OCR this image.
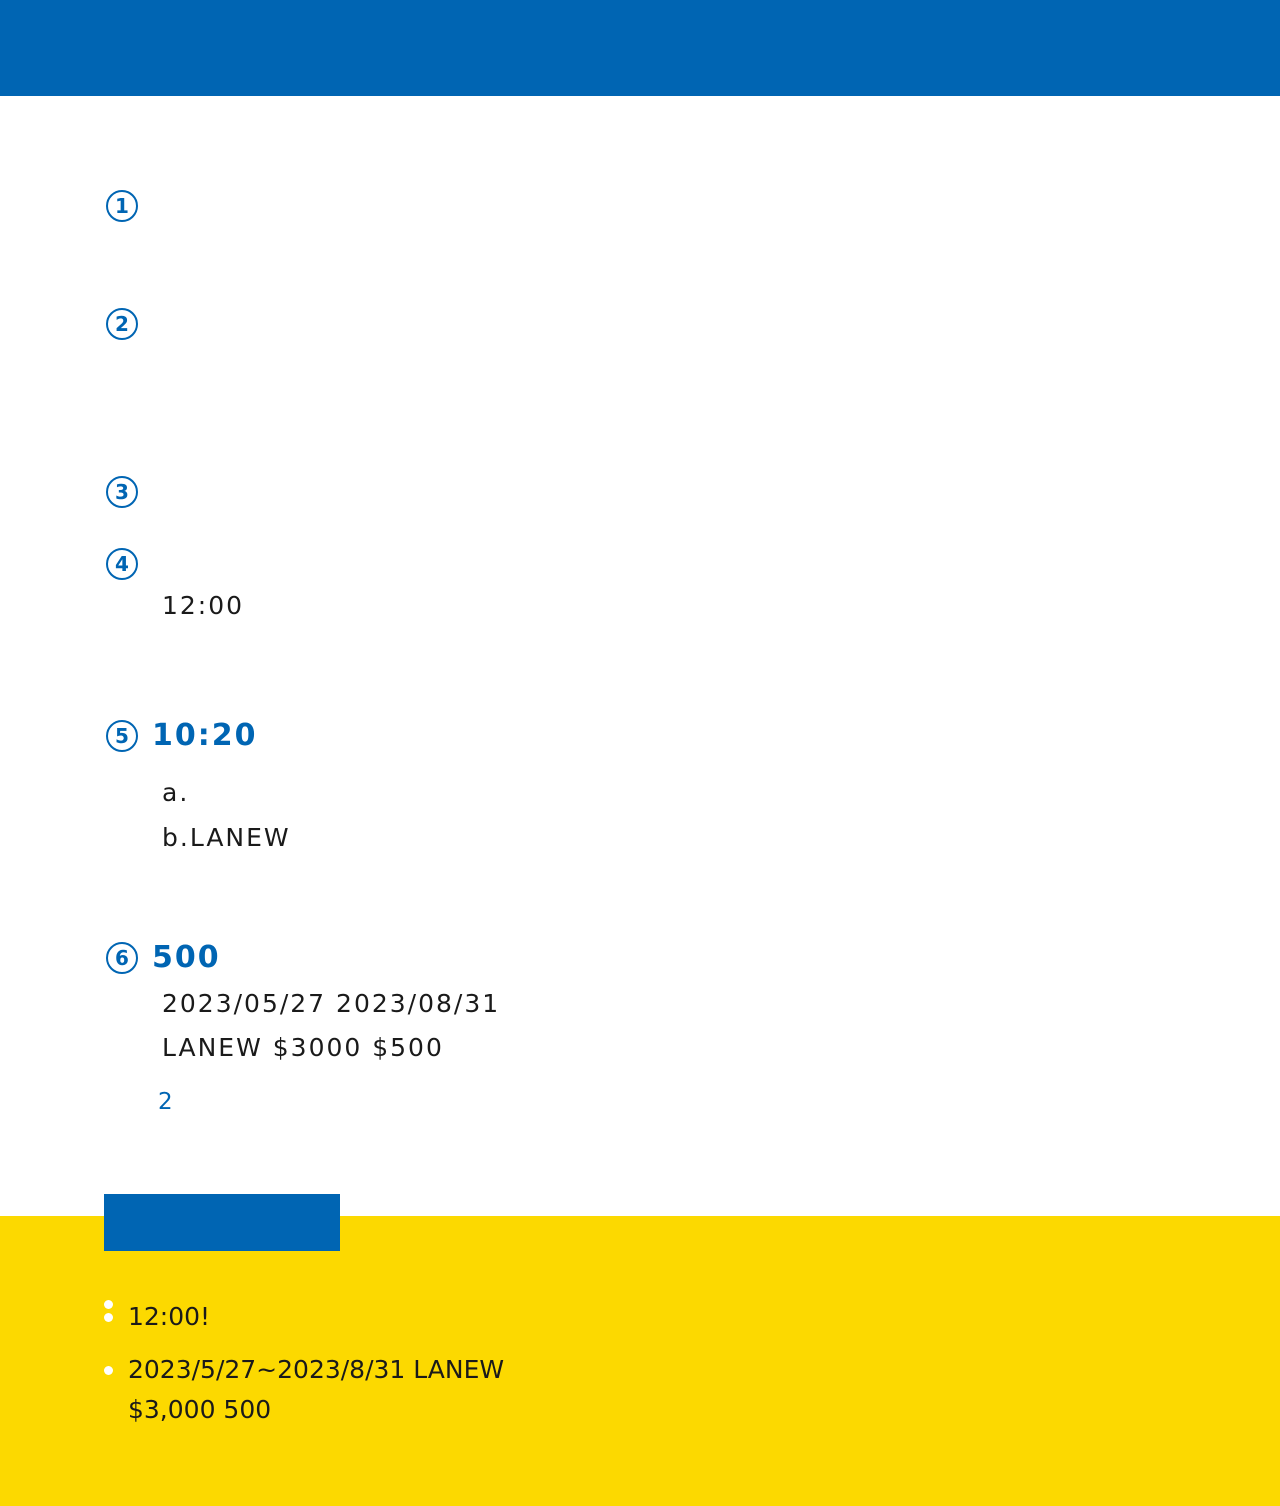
1
2
3
4
12:00
5 10:20
a.
b.LANEW
6 500
2023/05/27 2023/08/31
LANEW $3000 $500
2
12:00!
2023/5/27~2023/8/31 LANEW
$3,000 500
